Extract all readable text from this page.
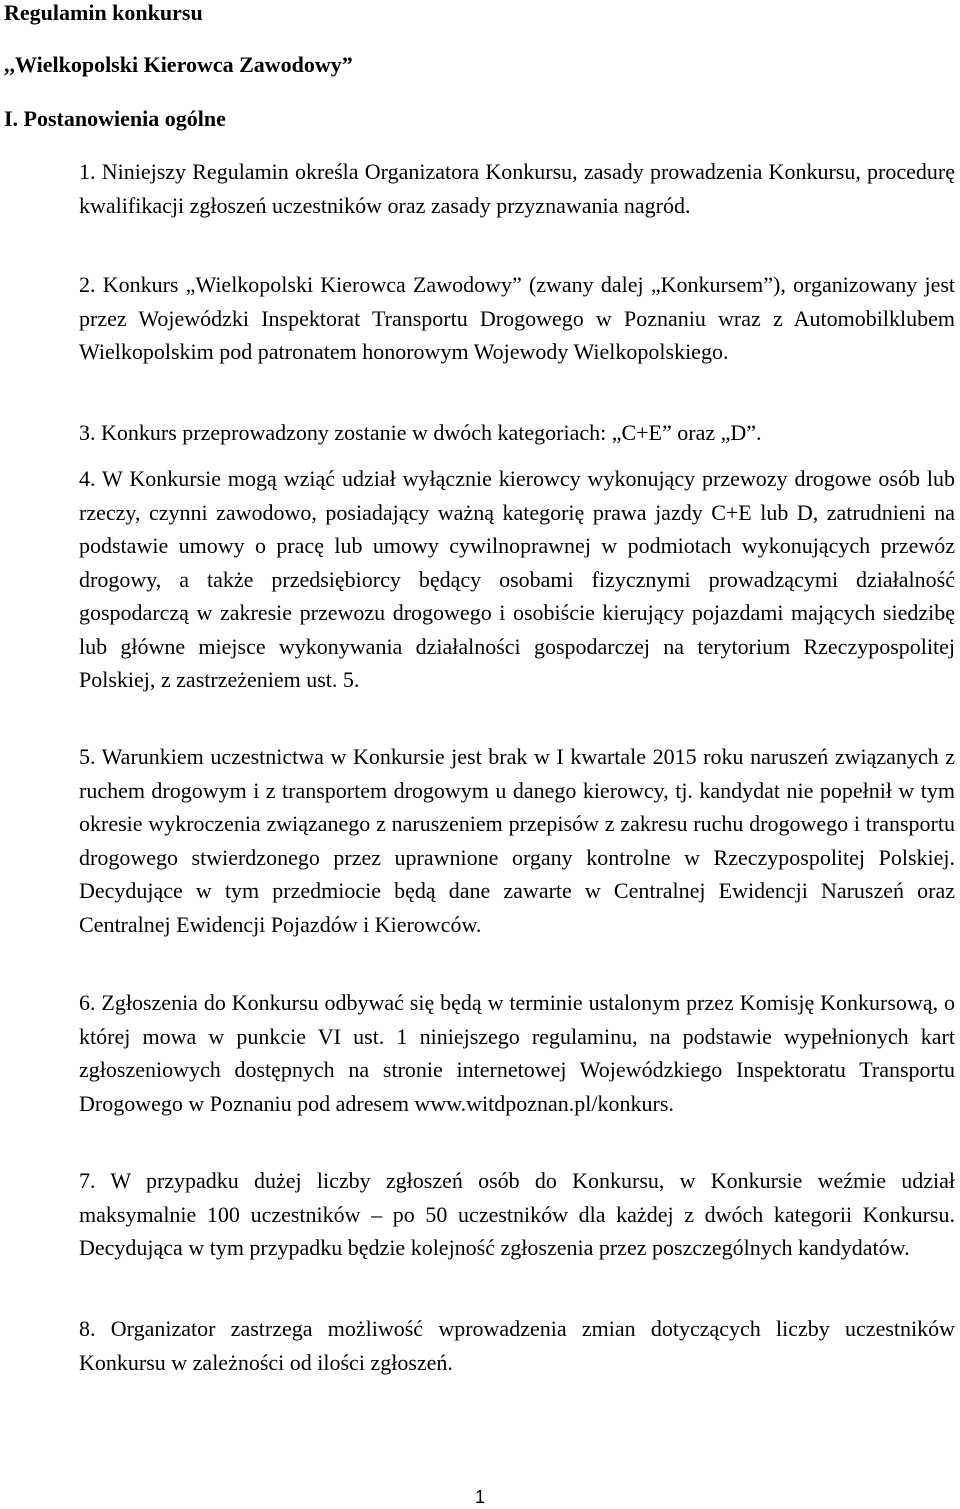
Regulamin konkursu
,,Wielkopolski Kierowca Zawodowy”
I. Postanowienia ogólne

1. Niniejszy Regulamin określa Organizatora Konkursu, zasady prowadzenia Konkursu, procedurę kwalifikacji zgłoszeń uczestników oraz zasady przyznawania nagród.

2. Konkurs „Wielkopolski Kierowca Zawodowy” (zwany dalej „Konkursem”), organizowany jest przez Wojewódzki Inspektorat Transportu Drogowego w Poznaniu wraz z Automobilklubem Wielkopolskim pod patronatem honorowym Wojewody Wielkopolskiego.

3. Konkurs przeprowadzony zostanie w dwóch kategoriach: „C+E” oraz „D”.

4. W Konkursie mogą wziąć udział wyłącznie kierowcy wykonujący przewozy drogowe osób lub rzeczy, czynni zawodowo, posiadający ważną kategorię prawa jazdy C+E lub D, zatrudnieni na podstawie umowy o pracę lub umowy cywilnoprawnej w podmiotach wykonujących przewóz drogowy, a także przedsiębiorcy będący osobami fizycznymi prowadzącymi działalność gospodarczą w zakresie przewozu drogowego i osobiście kierujący pojazdami mających siedzibę lub główne miejsce wykonywania działalności gospodarczej na terytorium Rzeczypospolitej Polskiej, z zastrzeżeniem ust. 5.

5. Warunkiem uczestnictwa w Konkursie jest brak w I kwartale 2015 roku naruszeń związanych z ruchem drogowym i z transportem drogowym u danego kierowcy, tj. kandydat nie popełnił w tym okresie wykroczenia związanego z naruszeniem przepisów z zakresu ruchu drogowego i transportu drogowego stwierdzonego przez uprawnione organy kontrolne w Rzeczypospolitej Polskiej. Decydujące w tym przedmiocie będą dane zawarte w Centralnej Ewidencji Naruszeń oraz Centralnej Ewidencji Pojazdów i Kierowców.

6. Zgłoszenia do Konkursu odbywać się będą w terminie ustalonym przez Komisję Konkursową, o której mowa w punkcie VI ust. 1 niniejszego regulaminu, na podstawie wypełnionych kart zgłoszeniowych dostępnych na stronie internetowej Wojewódzkiego Inspektoratu Transportu Drogowego w Poznaniu pod adresem www.witdpoznan.pl/konkurs.

7. W przypadku dużej liczby zgłoszeń osób do Konkursu, w Konkursie weźmie udział maksymalnie 100 uczestników – po 50 uczestników dla każdej z dwóch kategorii Konkursu. Decydująca w tym przypadku będzie kolejność zgłoszenia przez poszczególnych kandydatów.

8. Organizator zastrzega możliwość wprowadzenia zmian dotyczących liczby uczestników Konkursu w zależności od ilości zgłoszeń.

1
